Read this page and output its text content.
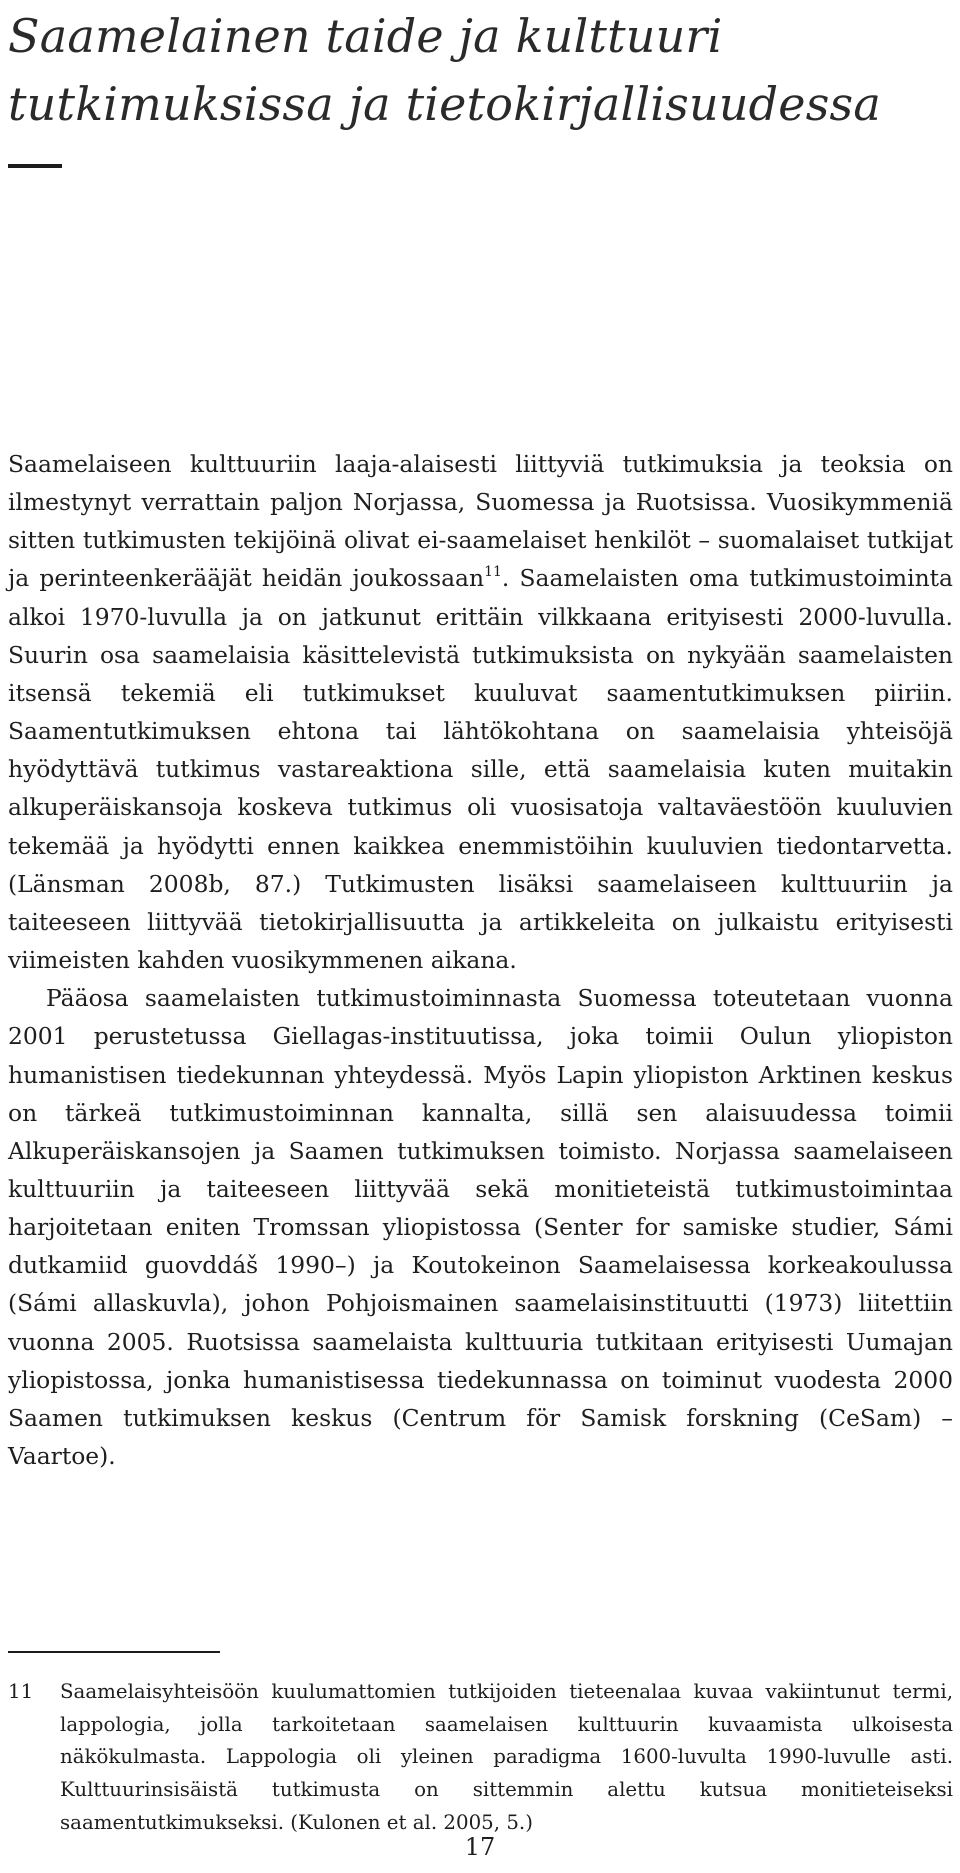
Saamelainen taide ja kulttuuri
tutkimuksissa ja tietokirjallisuudessa

Saamelaiseen kulttuuriin laaja-alaisesti liittyviä tutkimuksia ja teoksia on ilmestynyt verrattain paljon Norjassa, Suomessa ja Ruotsissa. Vuosikymmeniä sitten tutkimusten tekijöinä olivat ei-saamelaiset henkilöt – suomalaiset tutkijat ja perinteenkerääjät heidän joukossaan$^{11}$. Saamelaisten oma tutkimustoiminta alkoi 1970-luvulla ja on jatkunut erittäin vilkkaana erityisesti 2000-luvulla. Suurin osa saamelaisia käsittelevistä tutkimuksista on nykyään saamelaisten itsensä tekemiä eli tutkimukset kuuluvat saamentutkimuksen piiriin. Saamentutkimuksen ehtona tai lähtökohtana on saamelaisia yhteisöjä hyödyttävä tutkimus vastareaktiona sille, että saamelaisia kuten muitakin alkuperäiskansoja koskeva tutkimus oli vuosisatoja valtaväestöön kuuluvien tekemää ja hyödytti ennen kaikkea enemmistöihin kuuluvien tiedontarvetta. (Länsman 2008b, 87.) Tutkimusten lisäksi saamelaiseen kulttuuriin ja taiteeseen liittyvää tietokirjallisuutta ja artikkeleita on julkaistu erityisesti viimeisten kahden vuosikymmenen aikana.

Pääosa saamelaisten tutkimustoiminnasta Suomessa toteutetaan vuonna 2001 perustetussa Giellagas-instituutissa, joka toimii Oulun yliopiston humanistisen tiedekunnan yhteydessä. Myös Lapin yliopiston Arktinen keskus on tärkeä tutkimustoiminnan kannalta, sillä sen alaisuudessa toimii Alkuperäiskansojen ja Saamen tutkimuksen toimisto. Norjassa saamelaiseen kulttuuriin ja taiteeseen liittyvää sekä monitieteistä tutkimustoimintaa harjoitetaan eniten Tromssan yliopistossa (Senter for samiske studier, Sámi dutkamiid guovddáš 1990–) ja Koutokeinon Saamelaisessa korkeakoulussa (Sámi allaskuvla), johon Pohjoismainen saamelaisinstituutti (1973) liitettiin vuonna 2005. Ruotsissa saamelaista kulttuuria tutkitaan erityisesti Uumajan yliopistossa, jonka humanistisessa tiedekunnassa on toiminut vuodesta 2000 Saamen tutkimuksen keskus (Centrum för Samisk forskning (CeSam) – Vaartoe).

11	Saamelaisyhteisöön kuulumattomien tutkijoiden tieteenalaa kuvaa vakiintunut termi, lappologia, jolla tarkoitetaan saamelaisen kulttuurin kuvaamista ulkoisesta näkökulmasta. Lappologia oli yleinen paradigma 1600-luvulta 1990-luvulle asti. Kulttuurinsisäistä tutkimusta on sittemmin alettu kutsua monitieteiseksi saamentutkimukseksi. (Kulonen et al. 2005, 5.)
17
